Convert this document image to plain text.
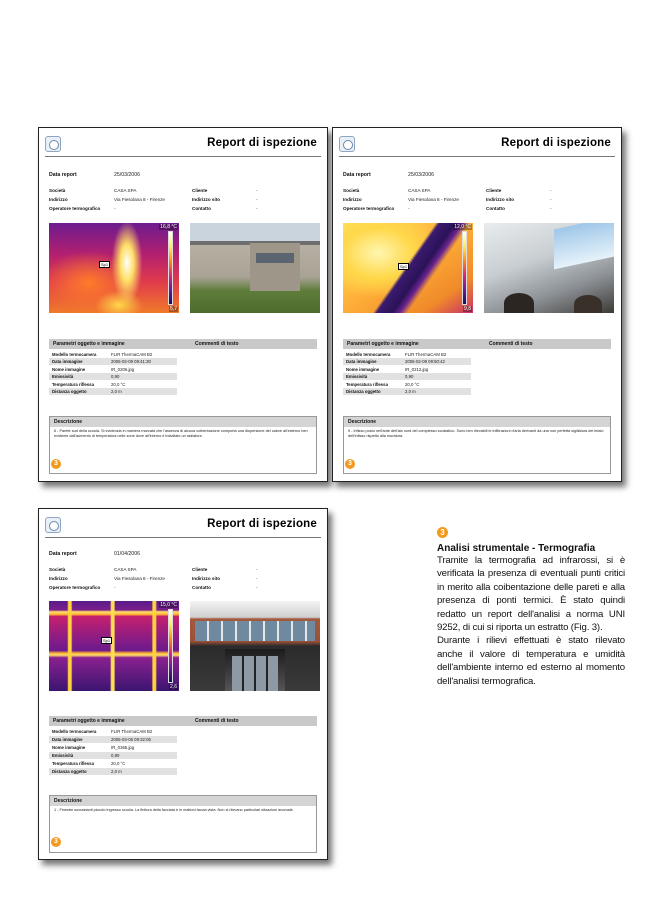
Report di ispezione
Data report	25/03/2006
Società	CASA SPA
Indirizzo	Via Fiesolana 8 - Firenze
Operatore termografico	-
Cliente	-
Indirizzo sito	-
Contatto	-
16,8 °C
5,7
Sp1
Parametri oggetto e immagine	Commenti di testo
Modello termocamera	FLIR ThermaCAM B2
Data immagine	2006-02-09 09:41:30
Nome immagine	IR_0206.jpg
Emissività	0,90
Temperatura riflessa	20,0 °C
Distanza oggetto	2,0 m
Descrizione
6 - Parete sud della scuola. Si evidenzia in maniera marcata che l'assenza di alcuna coibentazione comporta una dispersione del calore all'esterno ben evidente dall'aumento di temperatura nelle zone dove all'interno è installato un radiatore.
3
Report di ispezione
Data report	25/03/2006
Società	CASA SPA
Indirizzo	Via Fiesolana 8 - Firenze
Operatore termografico	-
Cliente	-
Indirizzo sito	-
Contatto	-
12,0 °C
9,8
Sp1
Parametri oggetto e immagine	Commenti di testo
Modello termocamera	FLIR ThermaCAM B2
Data immagine	2006-02-09 09:50:42
Nome immagine	IR_0212.jpg
Emissività	0,90
Temperatura riflessa	20,0 °C
Distanza oggetto	2,0 m
Descrizione
9 - Infisso posto nell'ante dell'ala nord del complesso scolastico. Sono ben rilevabili le infiltrazioni d'aria derivanti da una non perfetta sigillatura del telaio dell'infisso rispetto alla muratura.
3
Report di ispezione
Data report	01/04/2006
Società	CASA SPA
Indirizzo	Via Fiesolana 8 - Firenze
Operatore termografico	-
Cliente	-
Indirizzo sito	-
Contatto	-
15,0 °C
2,6
Sp1
Parametri oggetto e immagine	Commenti di testo
Modello termocamera	FLIR ThermaCAM B2
Data immagine	2006-03-06 09:32:05
Nome immagine	IR_0365.jpg
Emissività	0,90
Temperatura riflessa	20,0 °C
Distanza oggetto	2,0 m
Descrizione
1 - Finestre sovrastanti piccolo ingresso scuola. La finitura della facciata è in mattoni faccia vista. Non si rilevano particolari situazioni anomale.
3
3
Analisi strumentale - Termografia

Tramite la termografia ad infrarossi, si è verificata la presenza di eventuali punti critici in merito alla coibentazione delle pareti e alla presenza di ponti termici. È stato quindi redatto un report dell'analisi a norma UNI 9252, di cui si riporta un estratto (Fig. 3).

Durante i rilievi effettuati è stato rilevato anche il valore di temperatura e umidità dell'ambiente interno ed esterno al momento dell'analisi termografica.
